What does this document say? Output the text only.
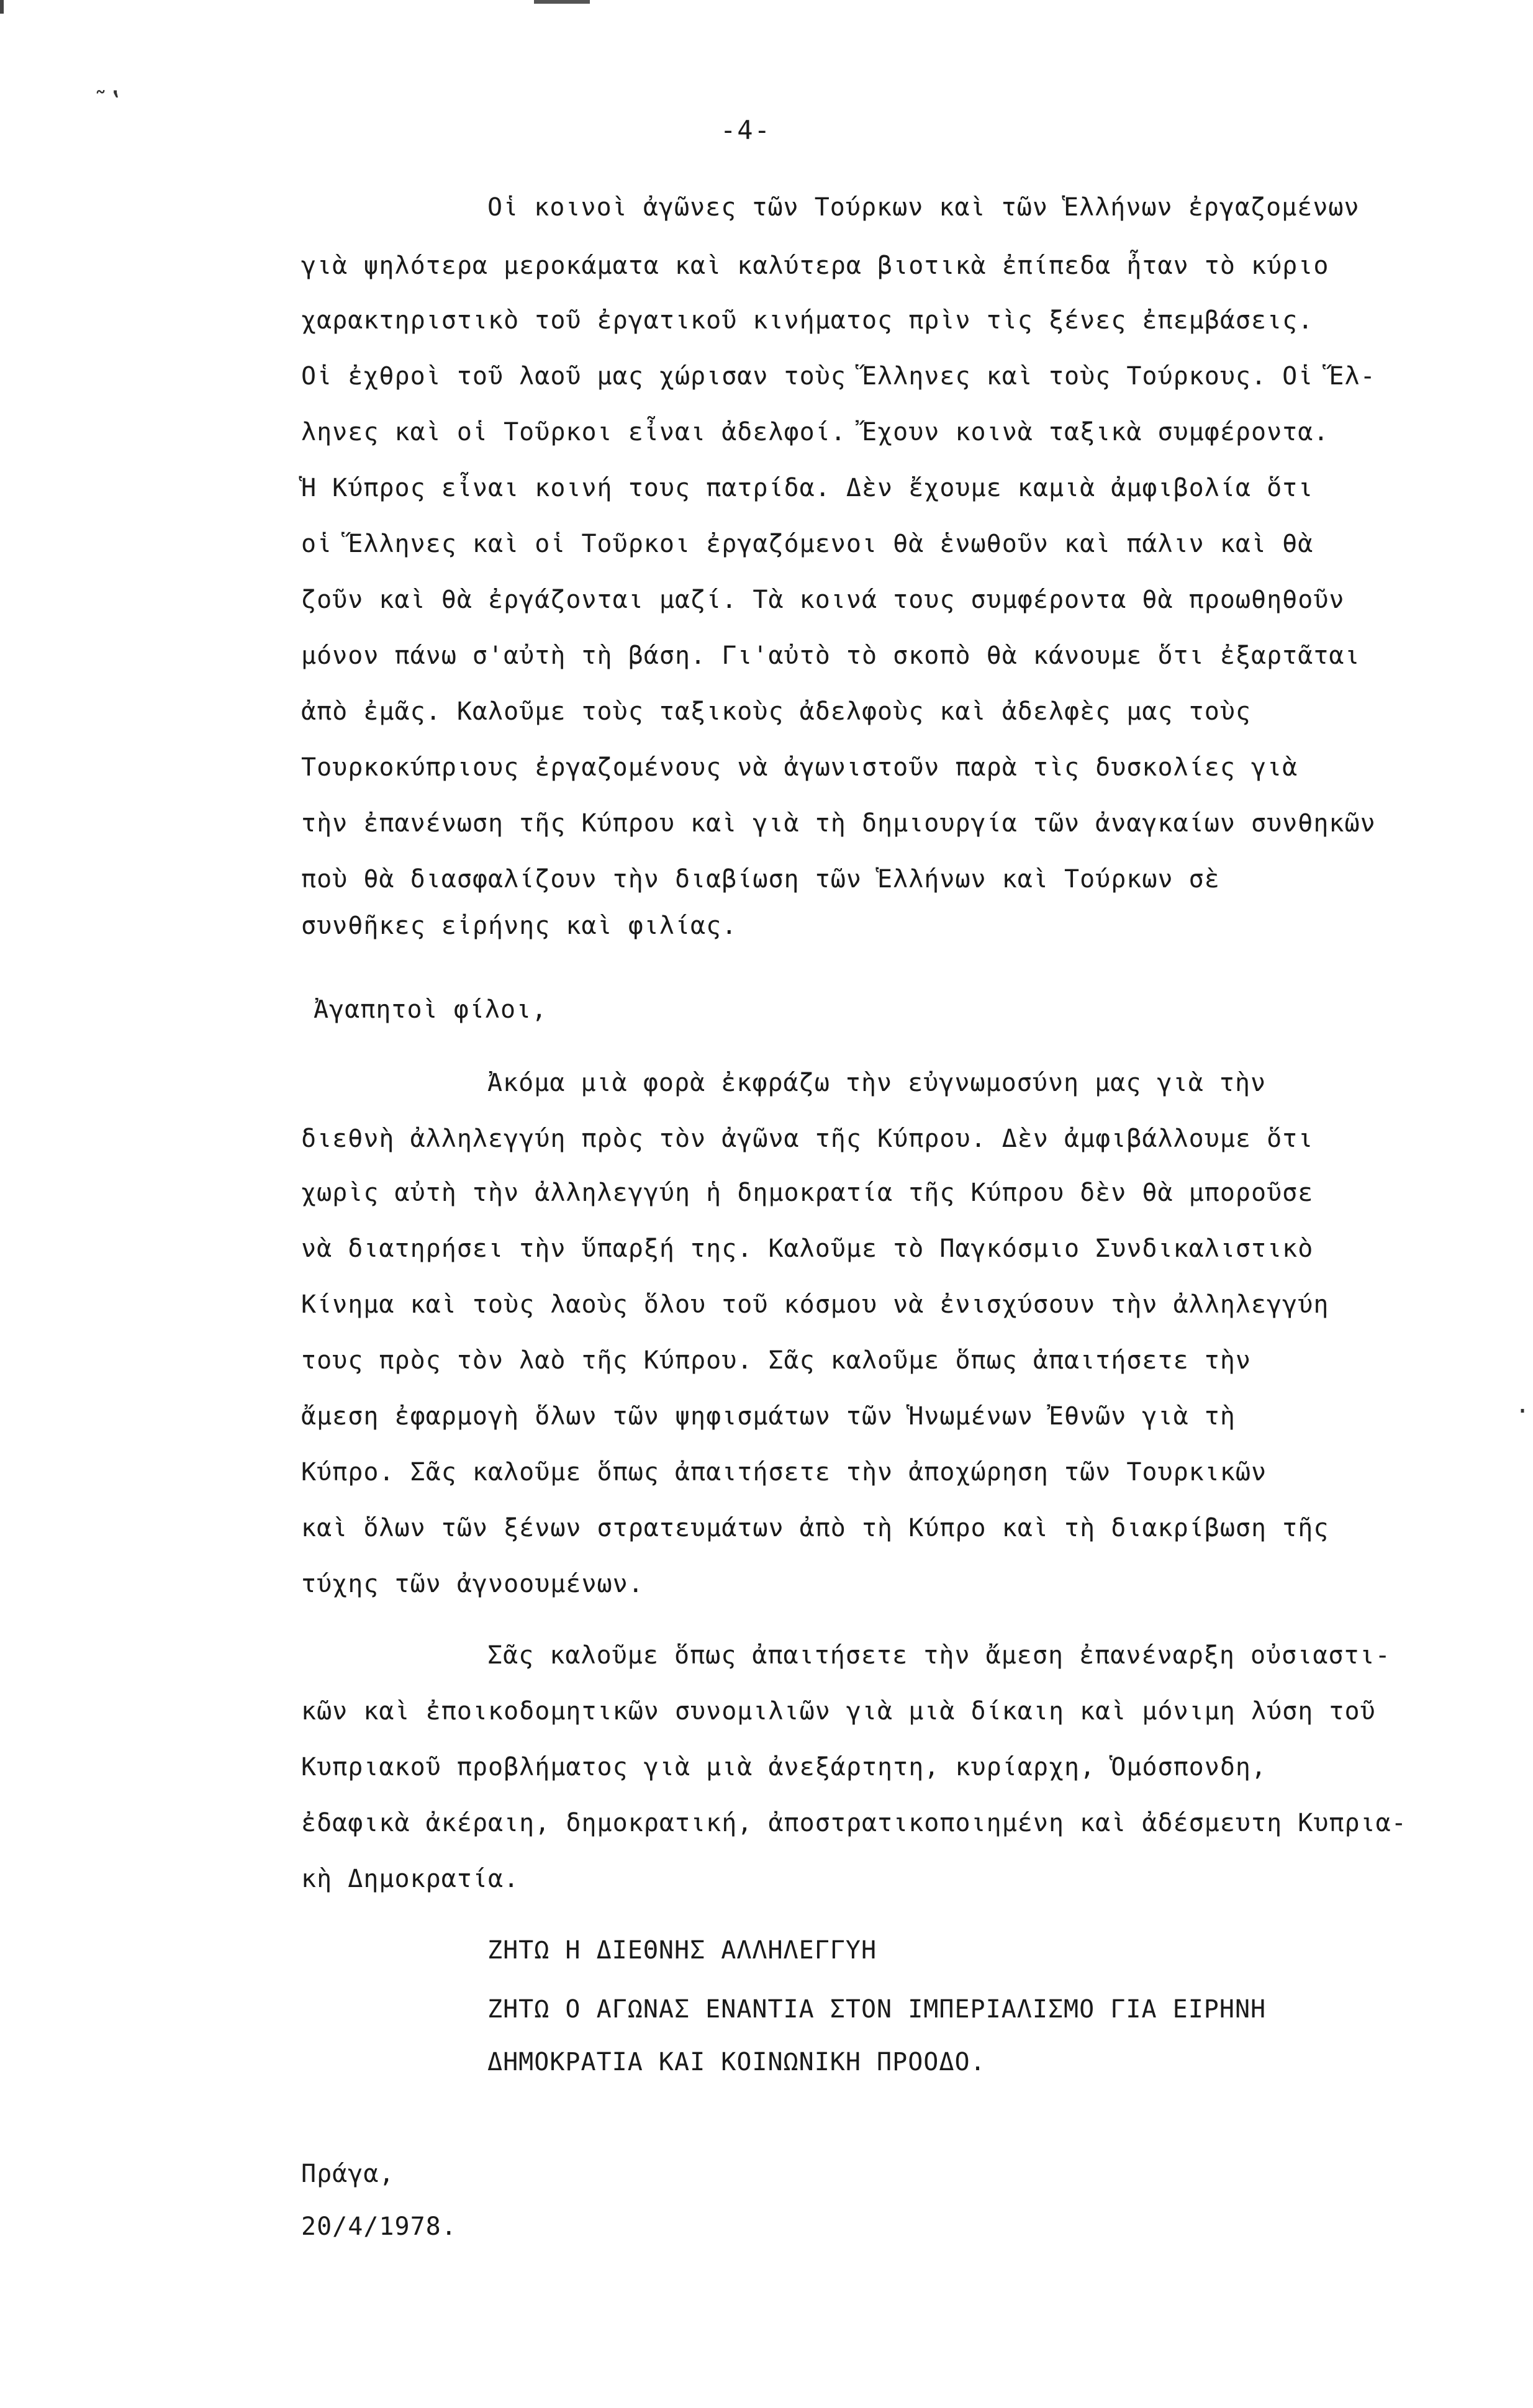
˜‛
-4-
Οἱ κοινοὶ ἀγῶνες τῶν Τούρκων καὶ τῶν Ἑλλήνων ἐργαζομένων
γιὰ ψηλότερα μεροκάματα καὶ καλύτερα βιοτικὰ ἐπίπεδα ἦταν τὸ κύριο
χαρακτηριστικὸ τοῦ ἐργατικοῦ κινήματος πρὶν τὶς ξένες ἐπεμβάσεις.
Οἱ ἐχθροὶ τοῦ λαοῦ μας χώρισαν τοὺς Ἕλληνες καὶ τοὺς Τούρκους. Οἱ Ἕλ-
ληνες καὶ οἱ Τοῦρκοι εἶναι ἀδελφοί. Ἔχουν κοινὰ ταξικὰ συμφέροντα.
Ἡ Κύπρος εἶναι κοινή τους πατρίδα. Δὲν ἔχουμε καμιὰ ἀμφιβολία ὅτι
οἱ Ἕλληνες καὶ οἱ Τοῦρκοι ἐργαζόμενοι θὰ ἑνωθοῦν καὶ πάλιν καὶ θὰ
ζοῦν καὶ θὰ ἐργάζονται μαζί. Τὰ κοινά τους συμφέροντα θὰ προωθηθοῦν
μόνον πάνω σ'αὐτὴ τὴ βάση. Γι'αὐτὸ τὸ σκοπὸ θὰ κάνουμε ὅτι ἐξαρτᾶται
ἀπὸ ἐμᾶς. Καλοῦμε τοὺς ταξικοὺς ἀδελφοὺς καὶ ἀδελφὲς μας τοὺς
Τουρκοκύπριους ἐργαζομένους νὰ ἀγωνιστοῦν παρὰ τὶς δυσκολίες γιὰ
τὴν ἐπανένωση τῆς Κύπρου καὶ γιὰ τὴ δημιουργία τῶν ἀναγκαίων συνθηκῶν
ποὺ θὰ διασφαλίζουν τὴν διαβίωση τῶν Ἑλλήνων καὶ Τούρκων σὲ
συνθῆκες εἰρήνης καὶ φιλίας.
Ἀγαπητοὶ φίλοι,
Ἀκόμα μιὰ φορὰ ἐκφράζω τὴν εὐγνωμοσύνη μας γιὰ τὴν
διεθνὴ ἀλληλεγγύη πρὸς τὸν ἀγῶνα τῆς Κύπρου. Δὲν ἀμφιβάλλουμε ὅτι
χωρὶς αὐτὴ τὴν ἀλληλεγγύη ἡ δημοκρατία τῆς Κύπρου δὲν θὰ μποροῦσε
νὰ διατηρήσει τὴν ὕπαρξή της. Καλοῦμε τὸ Παγκόσμιο Συνδικαλιστικὸ
Κίνημα καὶ τοὺς λαοὺς ὅλου τοῦ κόσμου νὰ ἐνισχύσουν τὴν ἀλληλεγγύη
τους πρὸς τὸν λαὸ τῆς Κύπρου. Σᾶς καλοῦμε ὅπως ἀπαιτήσετε τὴν
ἄμεση ἐφαρμογὴ ὅλων τῶν ψηφισμάτων τῶν Ἡνωμένων Ἐθνῶν γιὰ τὴ
Κύπρο. Σᾶς καλοῦμε ὅπως ἀπαιτήσετε τὴν ἀποχώρηση τῶν Τουρκικῶν
καὶ ὅλων τῶν ξένων στρατευμάτων ἀπὸ τὴ Κύπρο καὶ τὴ διακρίβωση τῆς
τύχης τῶν ἀγνοουμένων.
Σᾶς καλοῦμε ὅπως ἀπαιτήσετε τὴν ἄμεση ἐπανέναρξη οὐσιαστι-
κῶν καὶ ἐποικοδομητικῶν συνομιλιῶν γιὰ μιὰ δίκαιη καὶ μόνιμη λύση τοῦ
Κυπριακοῦ προβλήματος γιὰ μιὰ ἀνεξάρτητη, κυρίαρχη, Ὁμόσπονδη,
ἐδαφικὰ ἀκέραιη, δημοκρατική, ἀποστρατικοποιημένη καὶ ἀδέσμευτη Κυπρια-
κὴ Δημοκρατία.
ΖΗΤΩ Η ΔΙΕΘΝΗΣ ΑΛΛΗΛΕΓΓΥΗ
ΖΗΤΩ Ο ΑΓΩΝΑΣ ΕΝΑΝΤΙΑ ΣΤΟΝ ΙΜΠΕΡΙΑΛΙΣΜΟ ΓΙΑ ΕΙΡΗΝΗ
ΔΗΜΟΚΡΑΤΙΑ ΚΑΙ ΚΟΙΝΩΝΙΚΗ ΠΡΟΟΔΟ.
Πράγα,
20/4/1978.
·
